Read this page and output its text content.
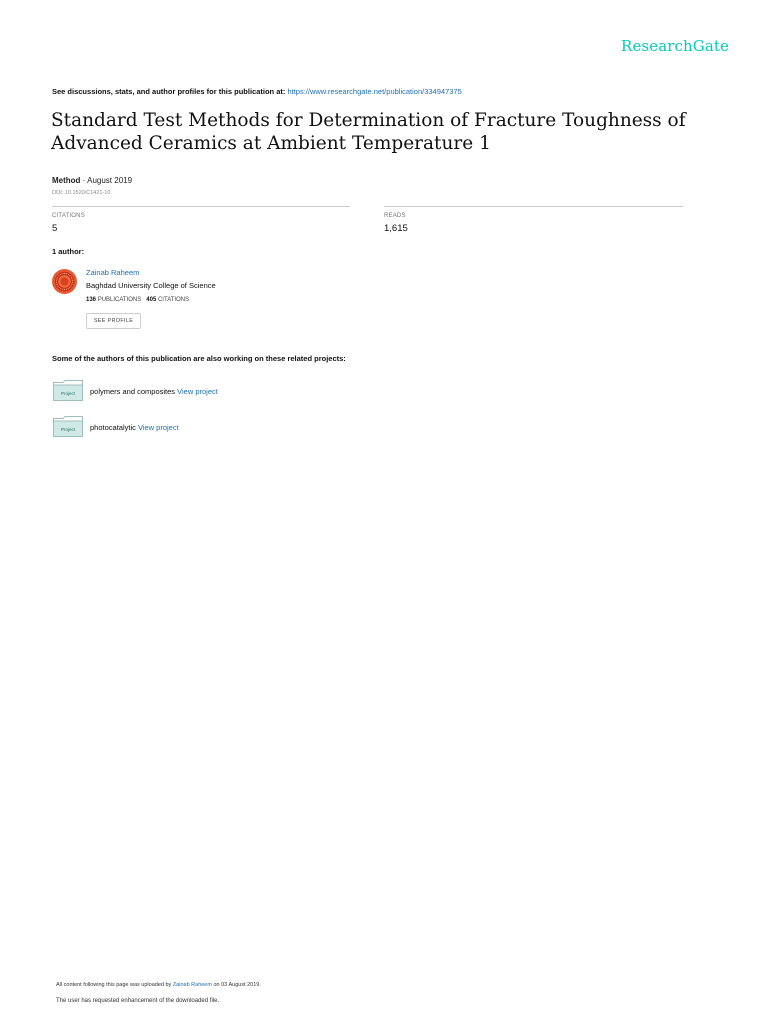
ResearchGate
See discussions, stats, and author profiles for this publication at: https://www.researchgate.net/publication/334947375
Standard Test Methods for Determination of Fracture Toughness of Advanced Ceramics at Ambient Temperature 1
Method · August 2019
DOI: 10.1520/C1421-10
CITATIONS
5
READS
1,615
1 author:
Zainab Raheem
Baghdad University College of Science
136 PUBLICATIONS 405 CITATIONS
SEE PROFILE
Some of the authors of this publication are also working on these related projects:
Project polymers and composites View project
Project photocatalytic View project
All content following this page was uploaded by Zainab Raheem on 03 August 2019.
The user has requested enhancement of the downloaded file.
